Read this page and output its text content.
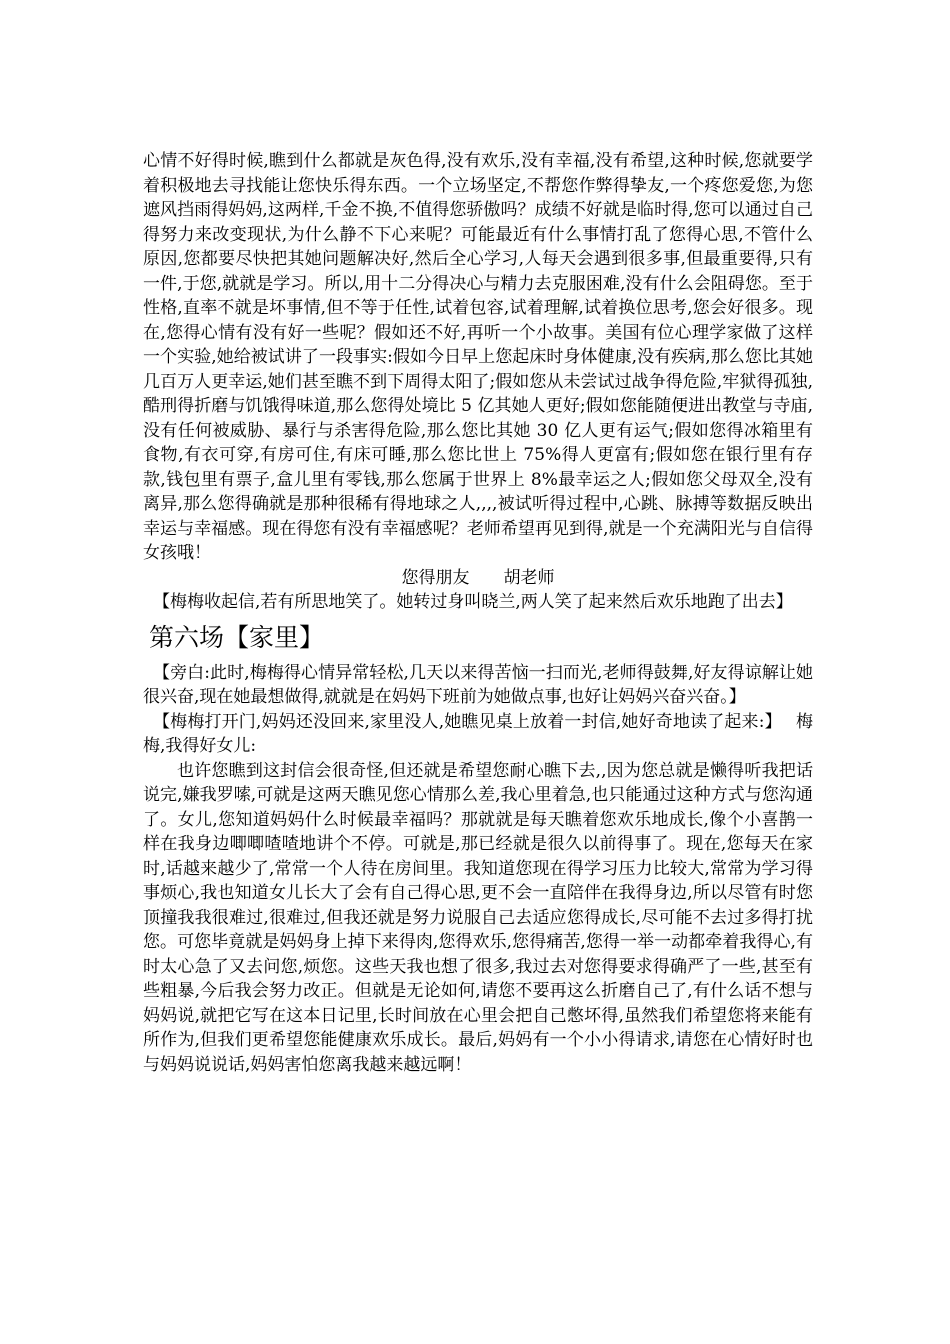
心情不好得时候,瞧到什么都就是灰色得,没有欢乐,没有幸福,没有希望,这种时候,您就要学着积极地去寻找能让您快乐得东西。一个立场坚定,不帮您作弊得挚友,一个疼您爱您,为您遮风挡雨得妈妈,这两样,千金不换,不值得您骄傲吗？成绩不好就是临时得,您可以通过自己得努力来改变现状,为什么静不下心来呢？可能最近有什么事情打乱了您得心思,不管什么原因,您都要尽快把其她问题解决好,然后全心学习,人每天会遇到很多事,但最重要得,只有一件,于您,就就是学习。所以,用十二分得决心与精力去克服困难,没有什么会阻碍您。至于性格,直率不就是坏事情,但不等于任性,试着包容,试着理解,试着换位思考,您会好很多。现在,您得心情有没有好一些呢？假如还不好,再听一个小故事。美国有位心理学家做了这样一个实验,她给被试讲了一段事实:假如今日早上您起床时身体健康,没有疾病,那么您比其她几百万人更幸运,她们甚至瞧不到下周得太阳了;假如您从未尝试过战争得危险,牢狱得孤独,酷刑得折磨与饥饿得味道,那么您得处境比 5 亿其她人更好;假如您能随便进出教堂与寺庙,没有任何被威胁、暴行与杀害得危险,那么您比其她 30 亿人更有运气;假如您得冰箱里有食物,有衣可穿,有房可住,有床可睡,那么您比世上 75%得人更富有;假如您在银行里有存款,钱包里有票子,盒儿里有零钱,那么您属于世界上 8%最幸运之人;假如您父母双全,没有离异,那么您得确就是那种很稀有得地球之人,,,,被试听得过程中,心跳、脉搏等数据反映出幸运与幸福感。现在得您有没有幸福感呢？老师希望再见到得,就是一个充满阳光与自信得女孩哦！

您得朋友 胡老师

【梅梅收起信,若有所思地笑了。她转过身叫晓兰,两人笑了起来然后欢乐地跑了出去】

第六场【家里】

【旁白:此时,梅梅得心情异常轻松,几天以来得苦恼一扫而光,老师得鼓舞,好友得谅解让她很兴奋,现在她最想做得,就就是在妈妈下班前为她做点事,也好让妈妈兴奋兴奋。】

【梅梅打开门,妈妈还没回来,家里没人,她瞧见桌上放着一封信,她好奇地读了起来:】　 梅梅,我得好女儿:

也许您瞧到这封信会很奇怪,但还就是希望您耐心瞧下去,,因为您总就是懒得听我把话说完,嫌我罗嗦,可就是这两天瞧见您心情那么差,我心里着急,也只能通过这种方式与您沟通了。女儿,您知道妈妈什么时候最幸福吗？那就就是每天瞧着您欢乐地成长,像个小喜鹊一样在我身边唧唧喳喳地讲个不停。可就是,那已经就是很久以前得事了。现在,您每天在家时,话越来越少了,常常一个人待在房间里。我知道您现在得学习压力比较大,常常为学习得事烦心,我也知道女儿长大了会有自己得心思,更不会一直陪伴在我得身边,所以尽管有时您顶撞我我很难过,很难过,但我还就是努力说服自己去适应您得成长,尽可能不去过多得打扰您。可您毕竟就是妈妈身上掉下来得肉,您得欢乐,您得痛苦,您得一举一动都牵着我得心,有时太心急了又去问您,烦您。这些天我也想了很多,我过去对您得要求得确严了一些,甚至有些粗暴,今后我会努力改正。但就是无论如何,请您不要再这么折磨自己了,有什么话不想与妈妈说,就把它写在这本日记里,长时间放在心里会把自己憋坏得,虽然我们希望您将来能有所作为,但我们更希望您能健康欢乐成长。最后,妈妈有一个小小得请求,请您在心情好时也与妈妈说说话,妈妈害怕您离我越来越远啊！
